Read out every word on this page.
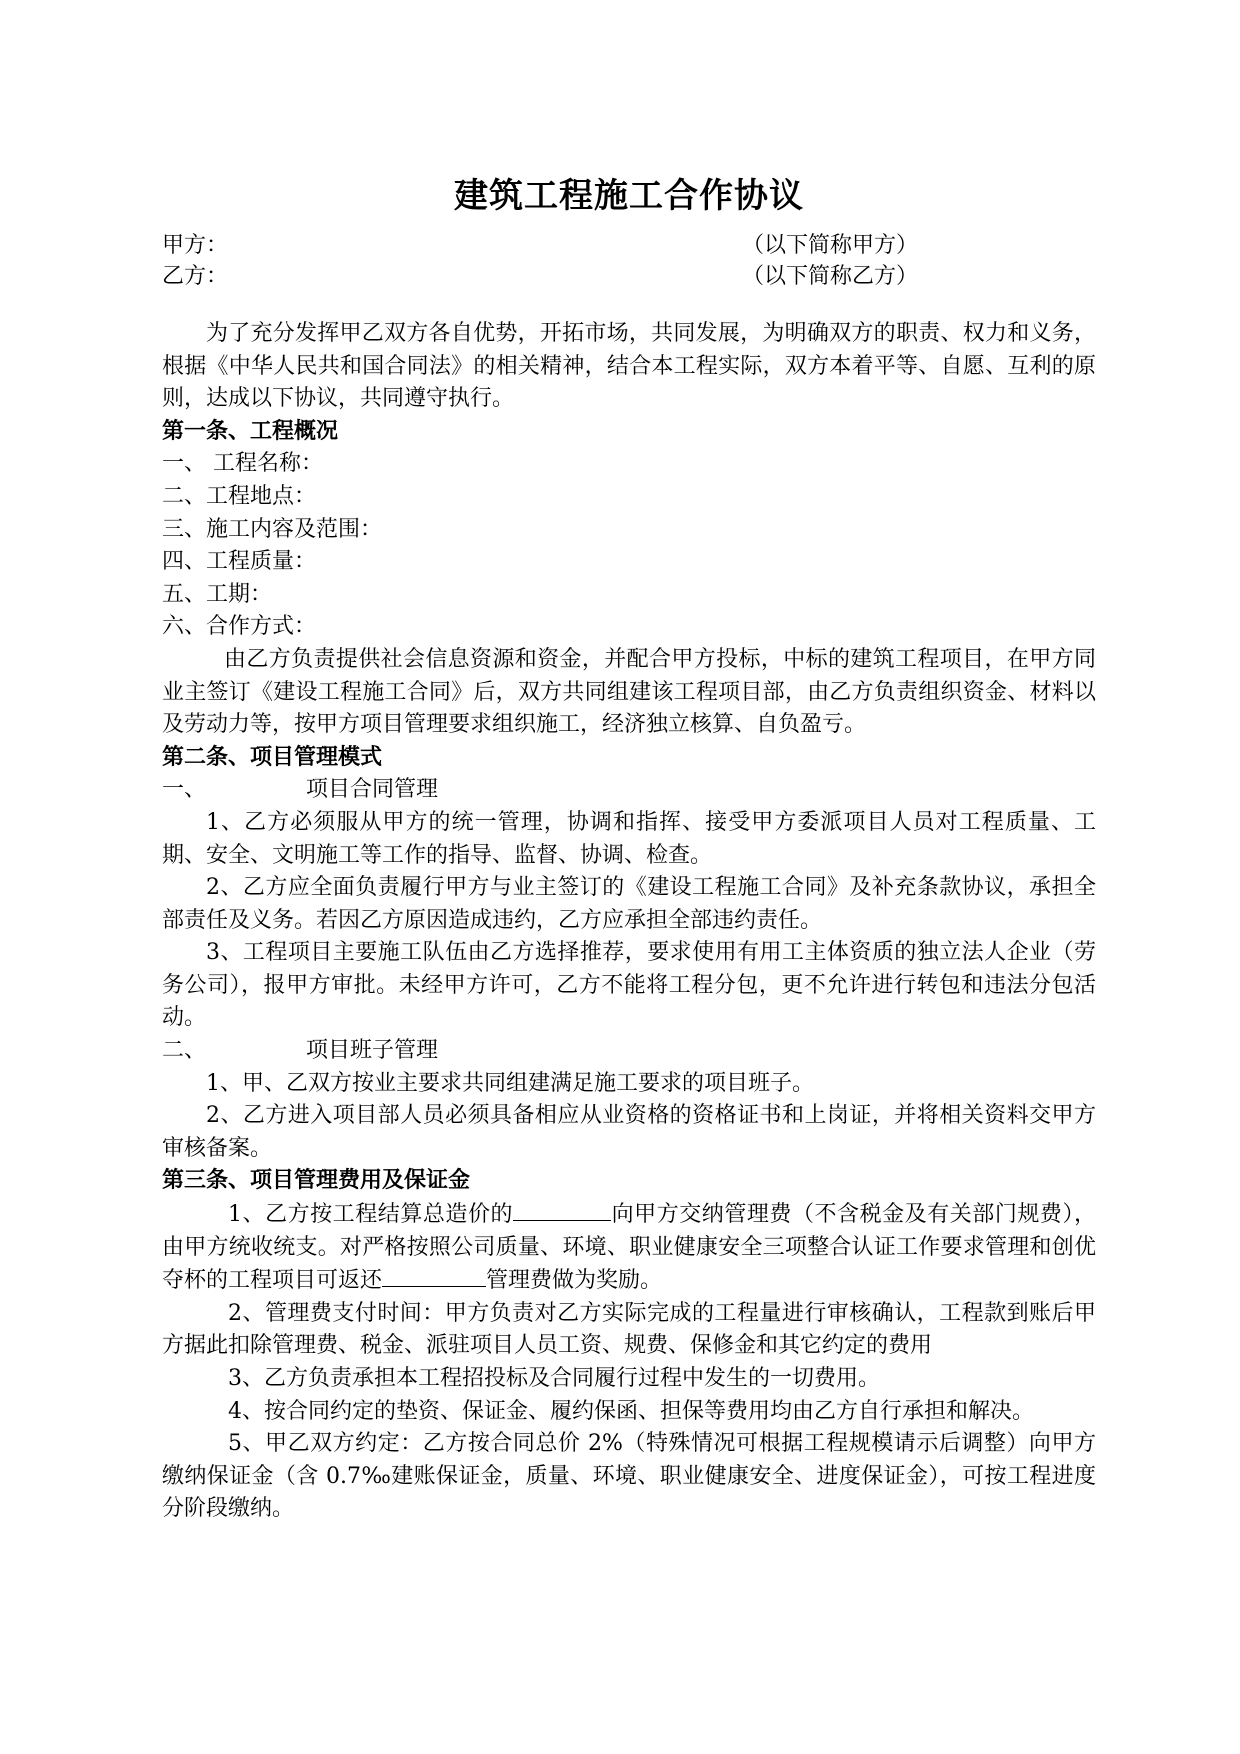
建筑工程施工合作协议
甲方：	（以下简称甲方）
乙方：	（以下简称乙方）

为了充分发挥甲乙双方各自优势，开拓市场，共同发展，为明确双方的职责、权力和义务，根据《中华人民共和国合同法》的相关精神，结合本工程实际，双方本着平等、自愿、互利的原则，达成以下协议，共同遵守执行。

第一条、工程概况

一、 工程名称：

二、工程地点：

三、施工内容及范围：

四、工程质量：

五、工期：

六、合作方式：

由乙方负责提供社会信息资源和资金，并配合甲方投标，中标的建筑工程项目，在甲方同业主签订《建设工程施工合同》后，双方共同组建该工程项目部，由乙方负责组织资金、材料以及劳动力等，按甲方项目管理要求组织施工，经济独立核算、自负盈亏。

第二条、项目管理模式

一、	项目合同管理

1、乙方必须服从甲方的统一管理，协调和指挥、接受甲方委派项目人员对工程质量、工期、安全、文明施工等工作的指导、监督、协调、检查。

2、乙方应全面负责履行甲方与业主签订的《建设工程施工合同》及补充条款协议，承担全部责任及义务。若因乙方原因造成违约，乙方应承担全部违约责任。

3、工程项目主要施工队伍由乙方选择推荐，要求使用有用工主体资质的独立法人企业（劳务公司），报甲方审批。未经甲方许可，乙方不能将工程分包，更不允许进行转包和违法分包活动。

二、	项目班子管理

1、甲、乙双方按业主要求共同组建满足施工要求的项目班子。

2、乙方进入项目部人员必须具备相应从业资格的资格证书和上岗证，并将相关资料交甲方审核备案。

第三条、项目管理费用及保证金

1、乙方按工程结算总造价的	向甲方交纳管理费（不含税金及有关部门规费），由甲方统收统支。对严格按照公司质量、环境、职业健康安全三项整合认证工作要求管理和创优夺杯的工程项目可返还	管理费做为奖励。

2、管理费支付时间：甲方负责对乙方实际完成的工程量进行审核确认，工程款到账后甲方据此扣除管理费、税金、派驻项目人员工资、规费、保修金和其它约定的费用

3、乙方负责承担本工程招投标及合同履行过程中发生的一切费用。

4、按合同约定的垫资、保证金、履约保函、担保等费用均由乙方自行承担和解决。

5、甲乙双方约定：乙方按合同总价 2%（特殊情况可根据工程规模请示后调整）向甲方缴纳保证金（含 0.7‰建账保证金，质量、环境、职业健康安全、进度保证金），可按工程进度分阶段缴纳。
